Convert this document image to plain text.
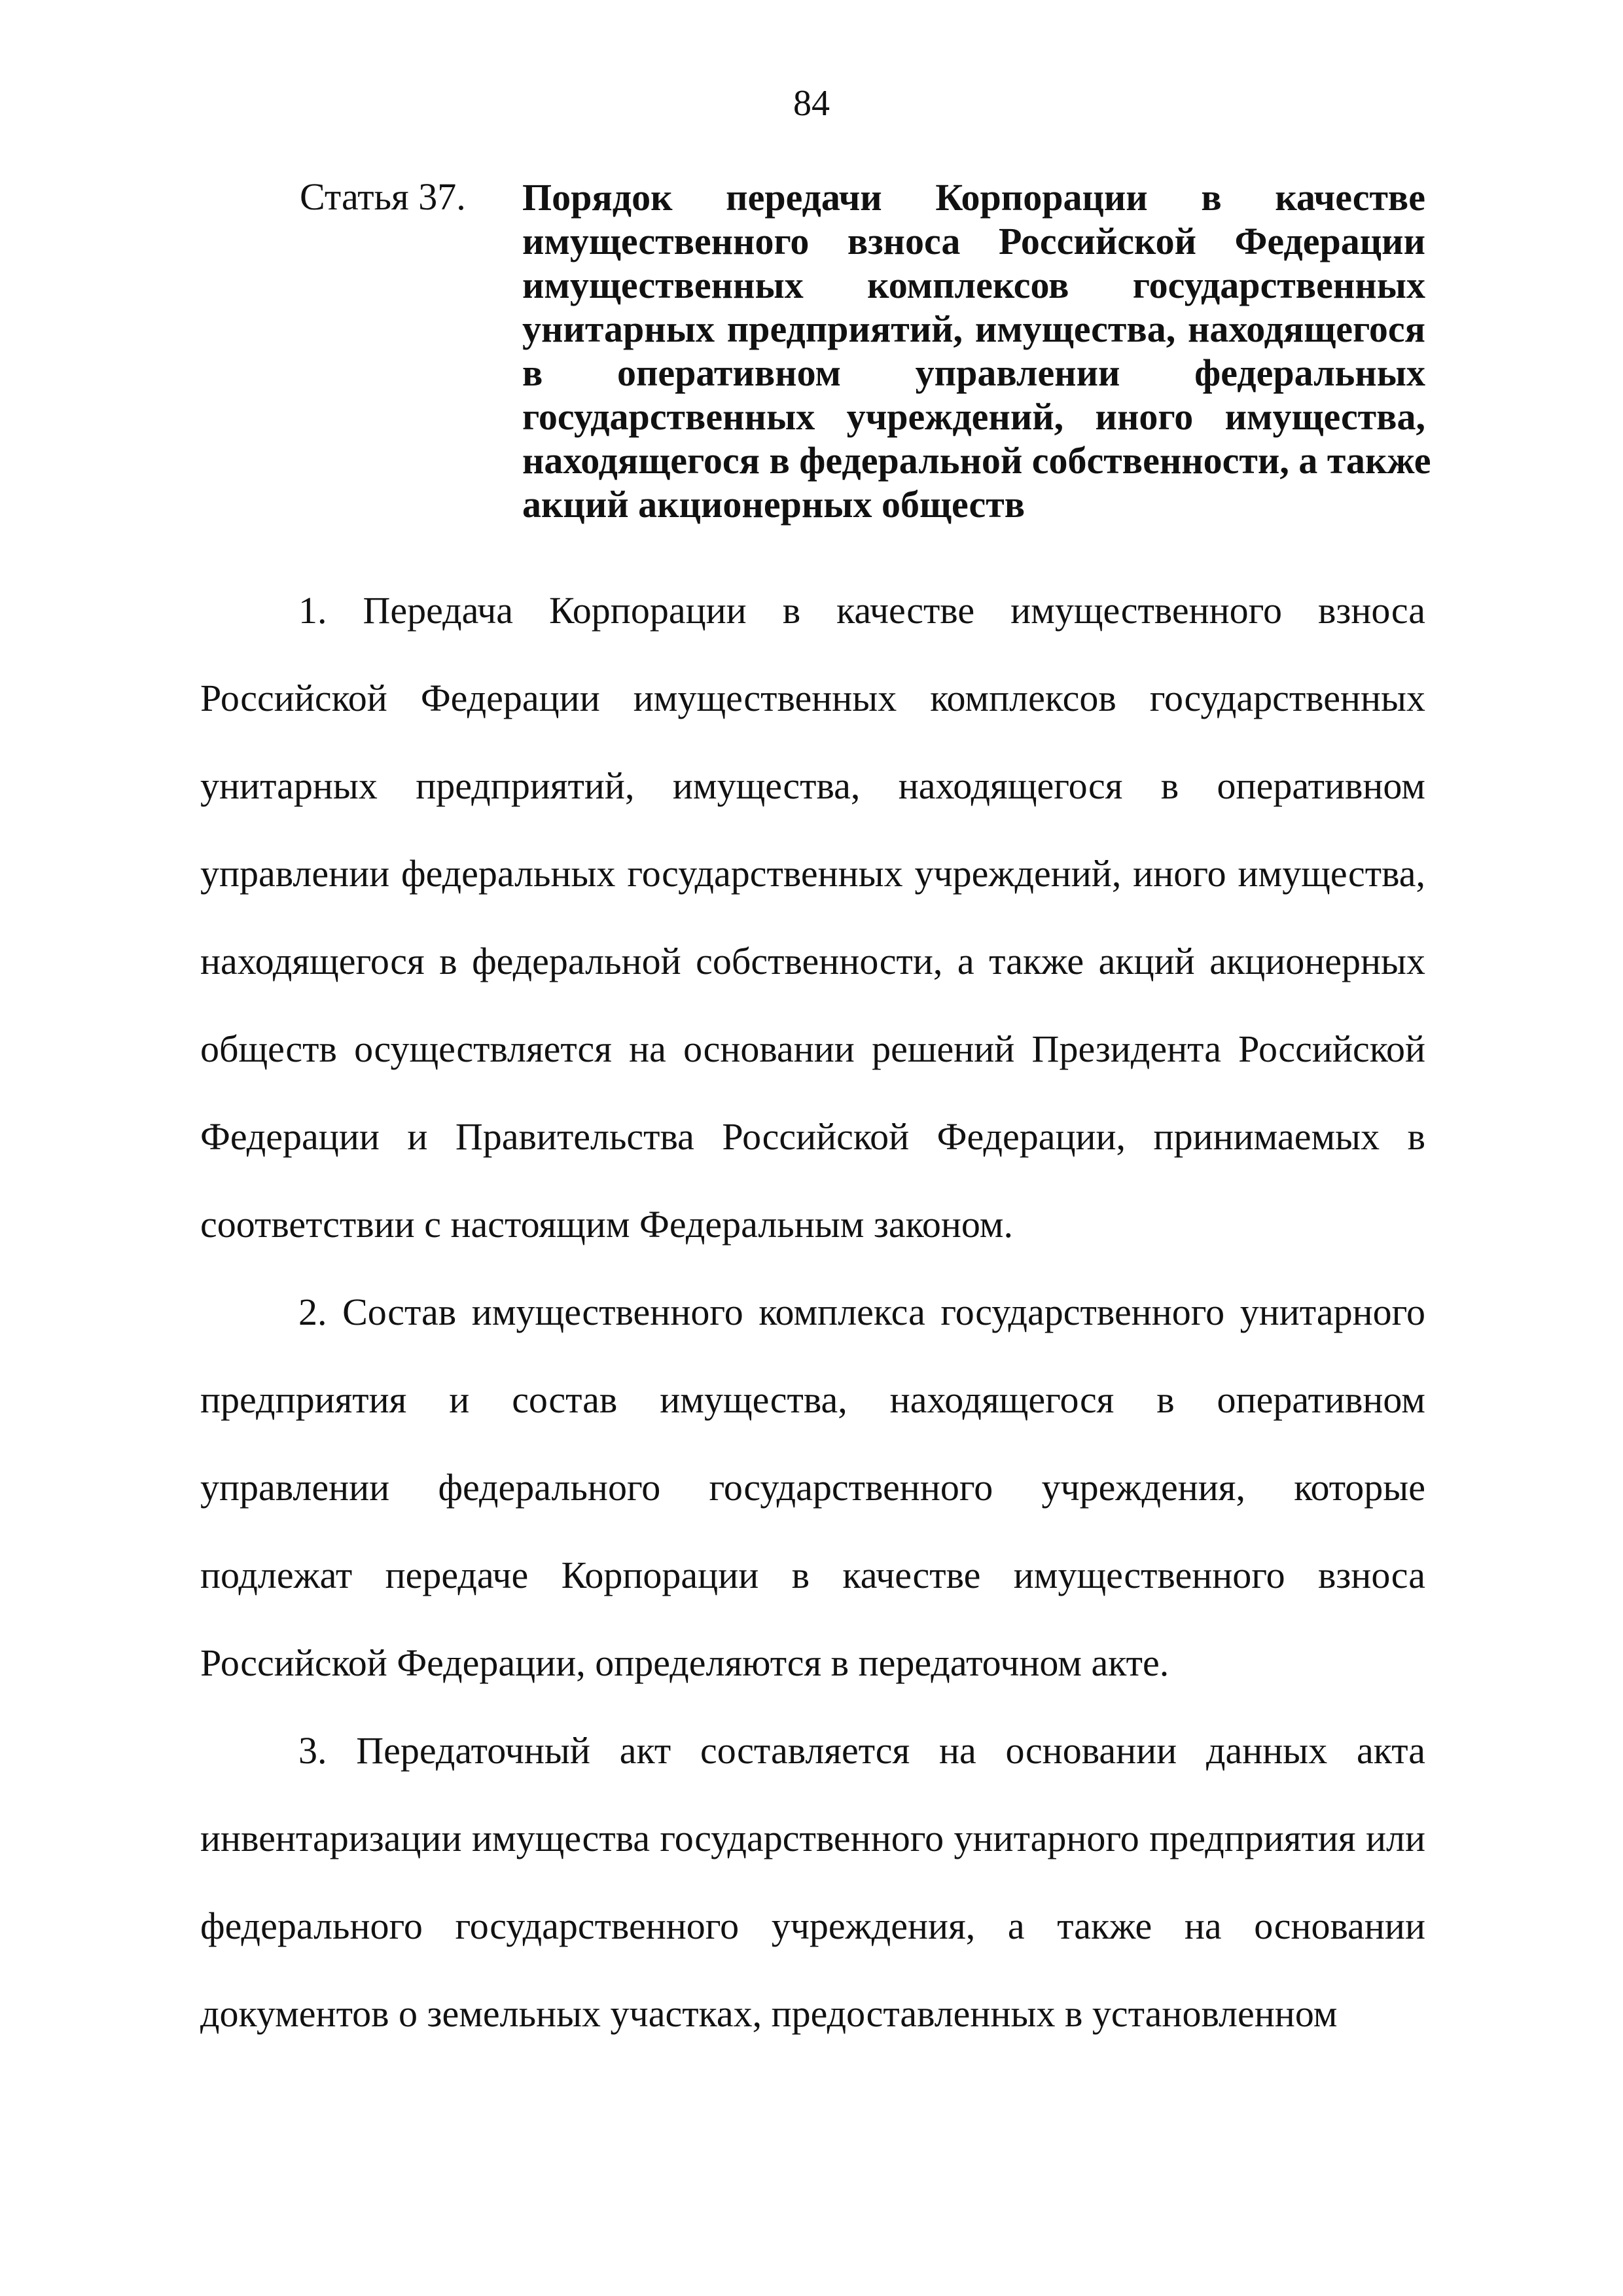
84
Статья 37. Порядок передачи Корпорации в качестве
имущественного взноса Российской Федерации
имущественных комплексов государственных
унитарных предприятий, имущества, находящегося
в оперативном управлении федеральных
государственных учреждений, иного имущества,
находящегося в федеральной собственности, а также
акций акционерных обществ

1. Передача Корпорации в качестве имущественного взноса Российской Федерации имущественных комплексов государственных унитарных предприятий, имущества, находящегося в оперативном управлении федеральных государственных учреждений, иного имущества, находящегося в федеральной собственности, а также акций акционерных обществ осуществляется на основании решений Президента Российской Федерации и Правительства Российской Федерации, принимаемых в соответствии с настоящим Федеральным законом.

2. Состав имущественного комплекса государственного унитарного предприятия и состав имущества, находящегося в оперативном управлении федерального государственного учреждения, которые подлежат передаче Корпорации в качестве имущественного взноса Российской Федерации, определяются в передаточном акте.

3. Передаточный акт составляется на основании данных акта инвентаризации имущества государственного унитарного предприятия или федерального государственного учреждения, а также на основании документов о земельных участках, предоставленных в установленном
